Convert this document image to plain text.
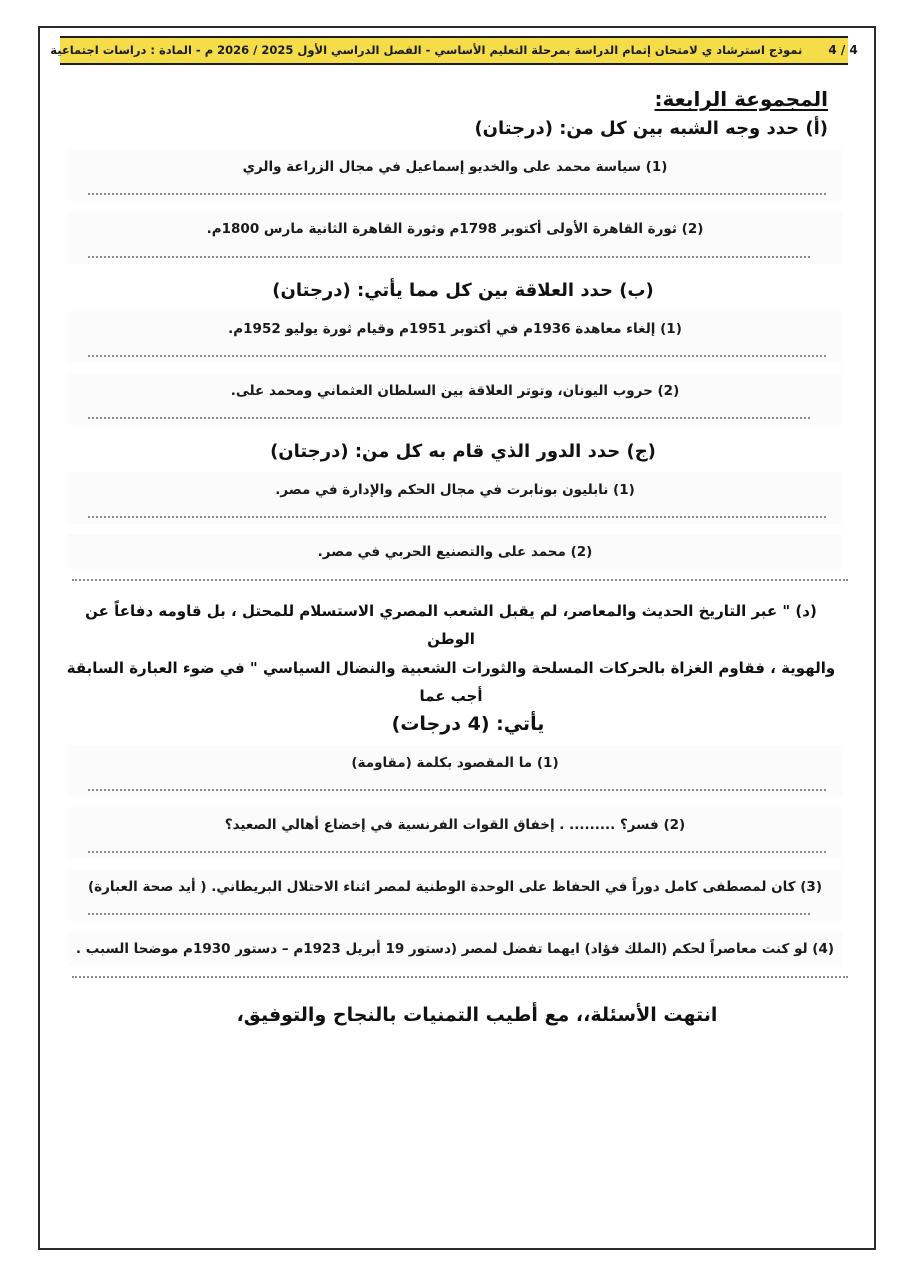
4 / 4
نموذج استرشاد ي لامتحان إتمام الدراسة بمرحلة التعليم الأساسي - الفصل الدراسي الأول 2025 / 2026 م - المادة : دراسات اجتماعية
المجموعة الرابعة:
(أ) حدد وجه الشبه بين كل من: (درجتان)
(1) سياسة محمد على والخديو إسماعيل في مجال الزراعة والري
(2) ثورة القاهرة الأولى أكتوبر 1798م وثورة القاهرة الثانية مارس 1800م.
(ب) حدد العلاقة بين كل مما يأتي: (درجتان)
(1) إلغاء معاهدة 1936م في أكتوبر 1951م وقيام ثورة يوليو 1952م.
(2) حروب اليونان، وتوتر العلاقة بين السلطان العثماني ومحمد على.
(ج) حدد الدور الذي قام به كل من: (درجتان)
(1) نابليون بونابرت في مجال الحكم والإدارة في مصر.
(2) محمد على والتصنيع الحربي في مصر.
(د) " عبر التاريخ الحديث والمعاصر، لم يقبل الشعب المصري الاستسلام للمحتل ، بل قاومه دفاعاً عن الوطن
والهوية ، فقاوم الغزاة بالحركات المسلحة والثورات الشعبية والنضال السياسي " في ضوء العبارة السابقة أجب عما
يأتي: (4 درجات)
(1) ما المقصود بكلمة (مقاومة)
(2) فسر؟ ......... . إخفاق القوات الفرنسية في إخضاع أهالي الصعيد؟
(3) كان لمصطفى كامل دوراً في الحفاظ على الوحدة الوطنية لمصر اثناء الاحتلال البريطاني. ( أيد صحة العبارة)
(4) لو كنت معاصراً لحكم (الملك فؤاد) ايهما تفضل لمصر (دستور 19 أبريل 1923م – دستور 1930م موضحا السبب .
انتهت الأسئلة،، مع أطيب التمنيات بالنجاح والتوفيق،
